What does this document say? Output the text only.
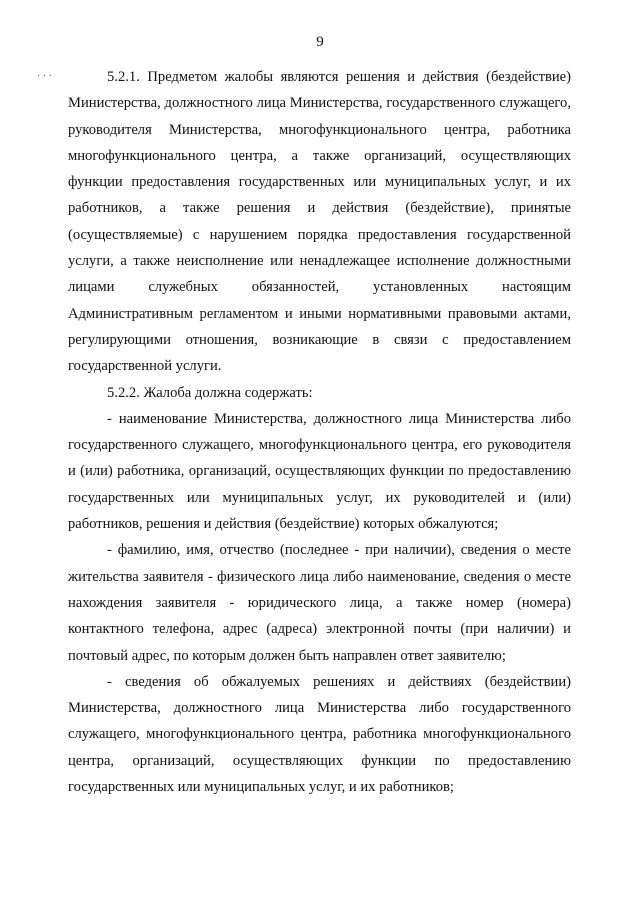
9
· · ·	5.2.1. Предметом жалобы являются решения и действия (бездействие) Министерства, должностного лица Министерства, государственного служащего, руководителя Министерства, многофункционального центра, работника многофункционального центра, а также организаций, осуществляющих функции предоставления государственных или муниципальных услуг, и их работников, а также решения и действия (бездействие), принятые (осуществляемые) с нарушением порядка предоставления государственной услуги, а также неисполнение или ненадлежащее исполнение должностными лицами служебных обязанностей, установленных настоящим Административным регламентом и иными нормативными правовыми актами, регулирующими отношения, возникающие в связи с предоставлением государственной услуги.

5.2.2. Жалоба должна содержать:

- наименование Министерства, должностного лица Министерства либо государственного служащего, многофункционального центра, его руководителя и (или) работника, организаций, осуществляющих функции по предоставлению государственных или муниципальных услуг, их руководителей и (или) работников, решения и действия (бездействие) которых обжалуются;

- фамилию, имя, отчество (последнее - при наличии), сведения о месте жительства заявителя - физического лица либо наименование, сведения о месте нахождения заявителя - юридического лица, а также номер (номера) контактного телефона, адрес (адреса) электронной почты (при наличии) и почтовый адрес, по которым должен быть направлен ответ заявителю;

- сведения об обжалуемых решениях и действиях (бездействии) Министерства, должностного лица Министерства либо государственного служащего, многофункционального центра, работника многофункционального центра, организаций, осуществляющих функции по предоставлению государственных или муниципальных услуг, и их работников;
